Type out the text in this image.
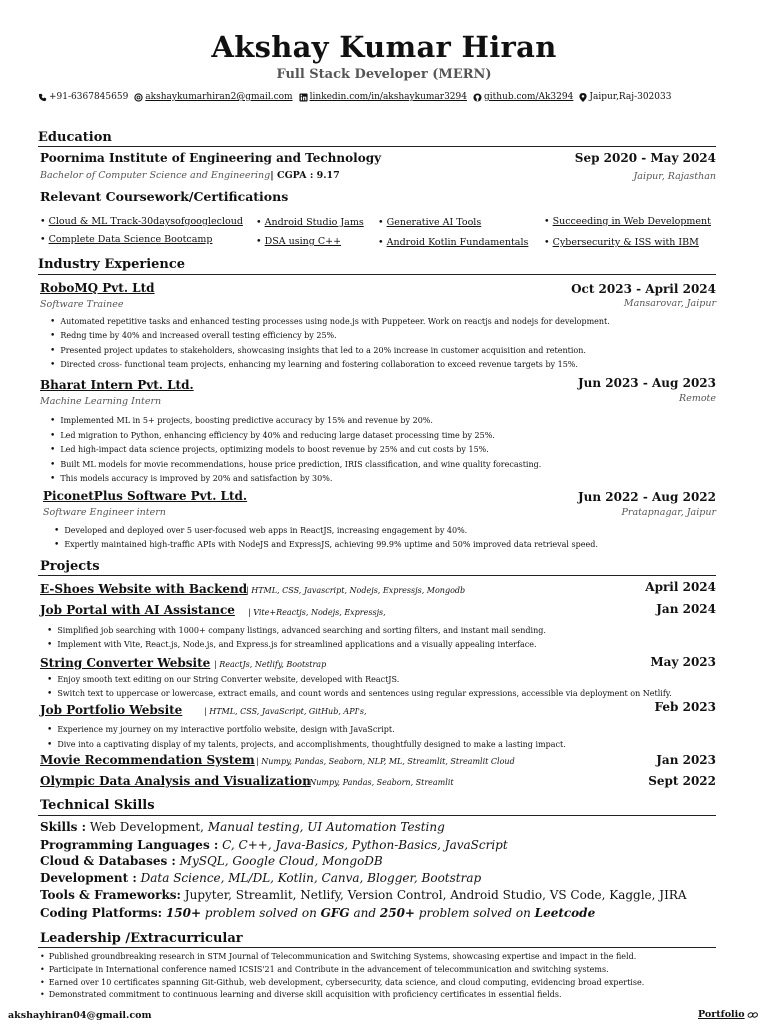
Akshay Kumar Hiran
Full Stack Developer (MERN)
+91-6367845659 akshaykumarhiran2@gmail.com linkedin.com/in/akshaykumar3294 github.com/Ak3294 Jaipur,Raj-302033
Education
Poornima Institute of Engineering and Technology	Sep 2020 - May 2024
Bachelor of Computer Science and Engineering| CGPA : 9.17	Jaipur, Rajasthan
Relevant Coursework/Certifications
• Cloud & ML Track-30daysofgooglecloud	• Android Studio Jams	• Generative AI Tools	• Succeeding in Web Development
• Complete Data Science Bootcamp	• DSA using C++	• Android Kotlin Fundamentals	• Cybersecurity & ISS with IBM
Industry Experience
RoboMQ Pvt. Ltd	Oct 2023 - April 2024
Software Trainee	Mansarovar, Jaipur
• Automated repetitive tasks and enhanced testing processes using node.js with Puppeteer. Work on reactjs and nodejs for development.
• Redng time by 40% and increased overall testing efficiency by 25%.
• Presented project updates to stakeholders, showcasing insights that led to a 20% increase in customer acquisition and retention.
• Directed cross- functional team projects, enhancing my learning and fostering collaboration to exceed revenue targets by 15%.
Bharat Intern Pvt. Ltd.	Jun 2023 - Aug 2023
Machine Learning Intern	Remote
• Implemented ML in 5+ projects, boosting predictive accuracy by 15% and revenue by 20%.
• Led migration to Python, enhancing efficiency by 40% and reducing large dataset processing time by 25%.
• Led high-impact data science projects, optimizing models to boost revenue by 25% and cut costs by 15%.
• Built ML models for movie recommendations, house price prediction, IRIS classification, and wine quality forecasting.
• This models accuracy is improved by 20% and satisfaction by 30%.
PiconetPlus Software Pvt. Ltd.	Jun 2022 - Aug 2022
Software Engineer intern	Pratapnagar, Jaipur
• Developed and deployed over 5 user-focused web apps in ReactJS, increasing engagement by 40%.
• Expertly maintained high-traffic APIs with NodeJS and ExpressJS, achieving 99.9% uptime and 50% improved data retrieval speed.
Projects
E-Shoes Website with Backend
| HTML, CSS, Javascript, Nodejs, Expressjs, Mongodb	April 2024
Job Portal with AI Assistance | Vite+Reactjs, Nodejs, Expressjs,	Jan 2024
• Simplified job searching with 1000+ company listings, advanced searching and sorting filters, and instant mail sending.
• Implement with Vite, React.js, Node.js, and Express.js for streamlined applications and a visually appealing interface.
String Converter Website | ReactJs, Netlify, Bootstrap	May 2023
• Enjoy smooth text editing on our String Converter website, developed with ReactJS.
• Switch text to uppercase or lowercase, extract emails, and count words and sentences using regular expressions, accessible via deployment on Netlify.
Job Portfolio Website	| HTML, CSS, JavaScript, GitHub, API's,	Feb 2023
• Experience my journey on my interactive portfolio website, design with JavaScript.
• Dive into a captivating display of my talents, projects, and accomplishments, thoughtfully designed to make a lasting impact.
Movie Recommendation System | Numpy, Pandas, Seaborn, NLP, ML, Streamlit, Streamlit Cloud	Jan 2023
Olympic Data Analysis and Visualization
| Numpy, Pandas, Seaborn, Streamlit	Sept 2022
Technical Skills
Skills : Web Development, Manual testing, UI Automation Testing
Programming Languages : C, C++, Java-Basics, Python-Basics, JavaScript
Cloud & Databases : MySQL, Google Cloud, MongoDB
Development : Data Science, ML/DL, Kotlin, Canva, Blogger, Bootstrap
Tools & Frameworks: Jupyter, Streamlit, Netlify, Version Control, Android Studio, VS Code, Kaggle, JIRA
Coding Platforms: 150+ problem solved on GFG and 250+ problem solved on Leetcode
Leadership /Extracurricular
• Published groundbreaking research in STM Journal of Telecommunication and Switching Systems, showcasing expertise and impact in the field.
• Participate in International conference named ICSIS'21 and Contribute in the advancement of telecommunication and switching systems.
• Earned over 10 certificates spanning Git-Github, web development, cybersecurity, data science, and cloud computing, evidencing broad expertise.
• Demonstrated commitment to continuous learning and diverse skill acquisition with proficiency certificates in essential fields.
akshayhiran04@gmail.com	Portfolio
